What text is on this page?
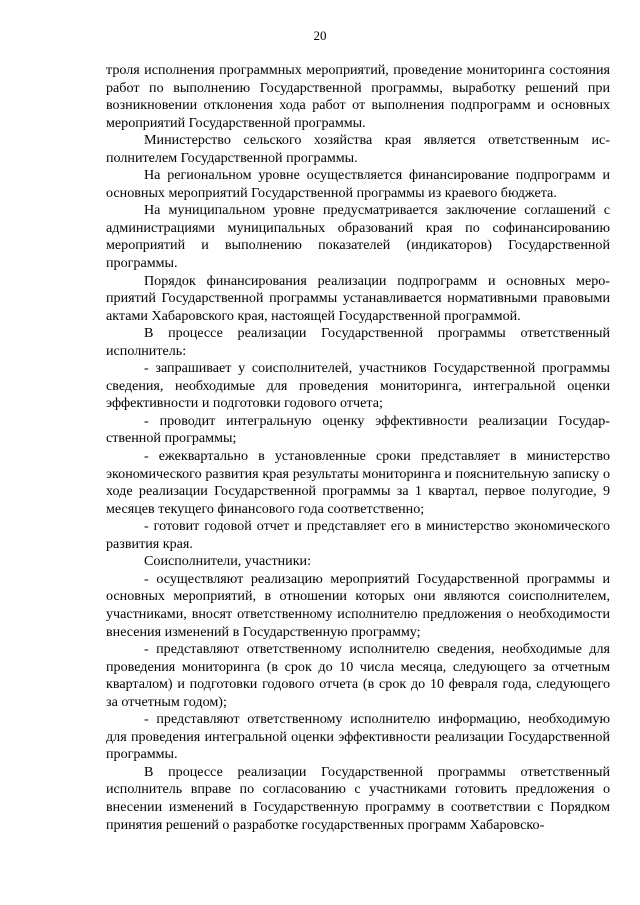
20

троля исполнения программных мероприятий, проведение мониторинга состояния работ по выполнению Государственной программы, выработку решений при возникновении отклонения хода работ от выполнения подпрограмм и основных мероприятий Государственной программы.

Министерство сельского хозяйства края является ответственным исполнителем Государственной программы.

На региональном уровне осуществляется финансирование подпрограмм и основных мероприятий Государственной программы из краевого бюджета.

На муниципальном уровне предусматривается заключение соглашений с администрациями муниципальных образований края по софинансированию мероприятий и выполнению показателей (индикаторов) Государственной программы.

Порядок финансирования реализации подпрограмм и основных мероприятий Государственной программы устанавливается нормативными правовыми актами Хабаровского края, настоящей Государственной программой.

В процессе реализации Государственной программы ответственный исполнитель:

- запрашивает у соисполнителей, участников Государственной программы сведения, необходимые для проведения мониторинга, интегральной оценки эффективности и подготовки годового отчета;

- проводит интегральную оценку эффективности реализации Государственной программы;

- ежеквартально в установленные сроки представляет в министерство экономического развития края результаты мониторинга и пояснительную записку о ходе реализации Государственной программы за 1 квартал, первое полугодие, 9 месяцев текущего финансового года соответственно;

- готовит годовой отчет и представляет его в министерство экономического развития края.

Соисполнители, участники:

- осуществляют реализацию мероприятий Государственной программы и основных мероприятий, в отношении которых они являются соисполнителем, участниками, вносят ответственному исполнителю предложения о необходимости внесения изменений в Государственную программу;

- представляют ответственному исполнителю сведения, необходимые для проведения мониторинга (в срок до 10 числа месяца, следующего за отчетным кварталом) и подготовки годового отчета (в срок до 10 февраля года, следующего за отчетным годом);

- представляют ответственному исполнителю информацию, необходимую для проведения интегральной оценки эффективности реализации Государственной программы.

В процессе реализации Государственной программы ответственный исполнитель вправе по согласованию с участниками готовить предложения о внесении изменений в Государственную программу в соответствии с Порядком принятия решений о разработке государственных программ Хабаровско-
